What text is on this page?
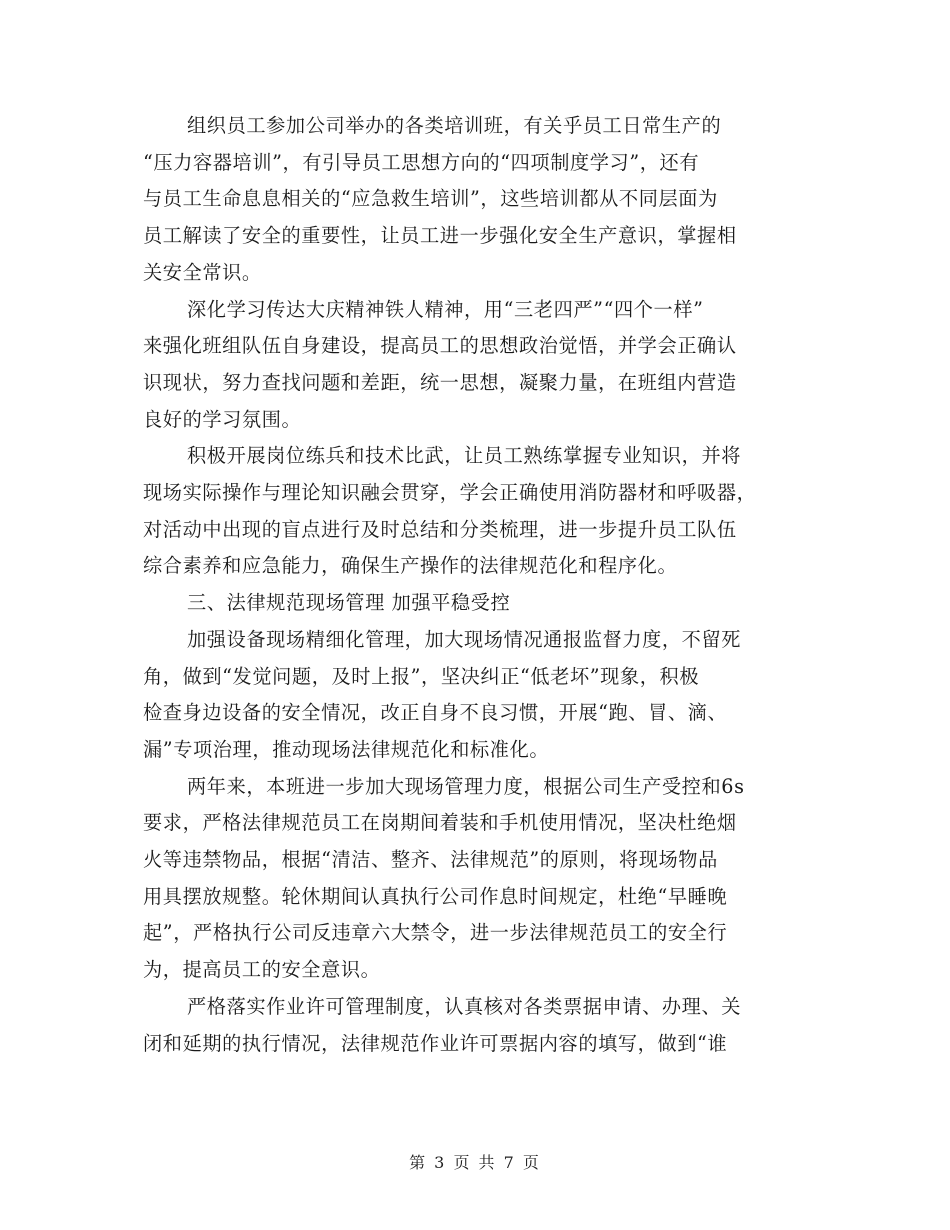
组织员工参加公司举办的各类培训班，有关乎员工日常生产的
“压力容器培训”，有引导员工思想方向的“四项制度学习”，还有
与员工生命息息相关的“应急救生培训”，这些培训都从不同层面为
员工解读了安全的重要性，让员工进一步强化安全生产意识，掌握相
关安全常识。

深化学习传达大庆精神铁人精神，用“三老四严”“四个一样”
来强化班组队伍自身建设，提高员工的思想政治觉悟，并学会正确认
识现状，努力查找问题和差距，统一思想，凝聚力量，在班组内营造
良好的学习氛围。

积极开展岗位练兵和技术比武，让员工熟练掌握专业知识，并将
现场实际操作与理论知识融会贯穿，学会正确使用消防器材和呼吸器，
对活动中出现的盲点进行及时总结和分类梳理，进一步提升员工队伍
综合素养和应急能力，确保生产操作的法律规范化和程序化。

三、法律规范现场管理 加强平稳受控

加强设备现场精细化管理，加大现场情况通报监督力度，不留死
角，做到“发觉问题，及时上报”，坚决纠正“低老坏”现象，积极
检查身边设备的安全情况，改正自身不良习惯，开展“跑、冒、滴、
漏”专项治理，推动现场法律规范化和标准化。

两年来，本班进一步加大现场管理力度，根据公司生产受控和6s
要求，严格法律规范员工在岗期间着装和手机使用情况，坚决杜绝烟
火等违禁物品，根据“清洁、整齐、法律规范”的原则，将现场物品
用具摆放规整。轮休期间认真执行公司作息时间规定，杜绝“早睡晚
起”，严格执行公司反违章六大禁令，进一步法律规范员工的安全行
为，提高员工的安全意识。

严格落实作业许可管理制度，认真核对各类票据申请、办理、关
闭和延期的执行情况，法律规范作业许可票据内容的填写，做到“谁

第 3 页 共 7 页
